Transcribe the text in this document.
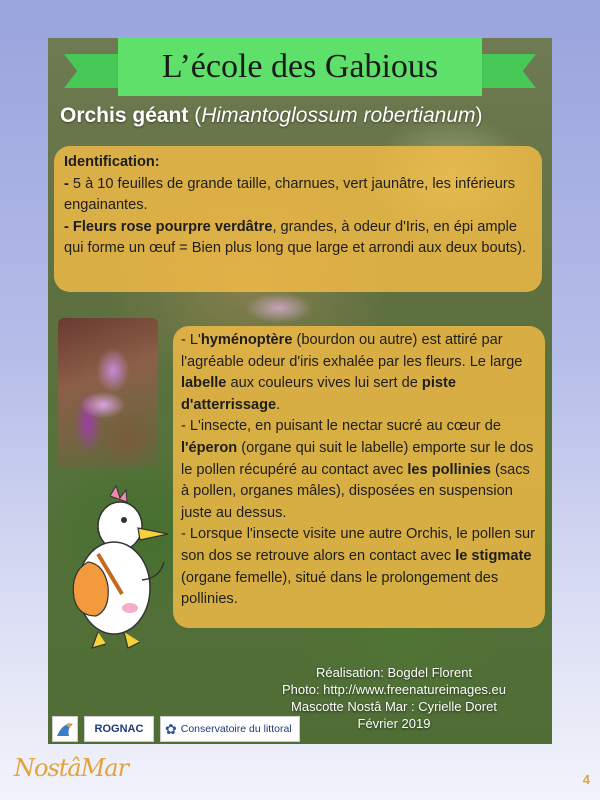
L’école des Gabious
Orchis géant (Himantoglossum robertianum)

Identification:

- 5 à 10 feuilles de grande taille, charnues, vert jaunâtre, les inférieurs engainantes.

- Fleurs rose pourpre verdâtre, grandes, à odeur d'Iris, en épi ample qui forme un œuf = Bien plus long que large et arrondi aux deux bouts).

- L'hyménoptère (bourdon ou autre) est attiré par l'agréable odeur d'iris exhalée par les fleurs. Le large labelle aux couleurs vives lui sert de piste d'atterrissage.

- L'insecte, en puisant le nectar sucré au cœur de l'éperon (organe qui suit le labelle) emporte sur le dos le pollen récupéré au contact avec les pollinies (sacs à pollen, organes mâles), disposées en suspension juste au dessus.

- Lorsque l'insecte visite une autre Orchis, le pollen sur son dos se retrouve alors en contact avec le stigmate (organe femelle), situé dans le prolongement des pollinies.

Réalisation: Bogdel Florent
Photo: http://www.freenatureimages.eu
Mascotte Nostâ Mar : Cyrielle Doret
Février 2019
ROGNAC	✿ Conservatoire du littoral
NostâMar	4
